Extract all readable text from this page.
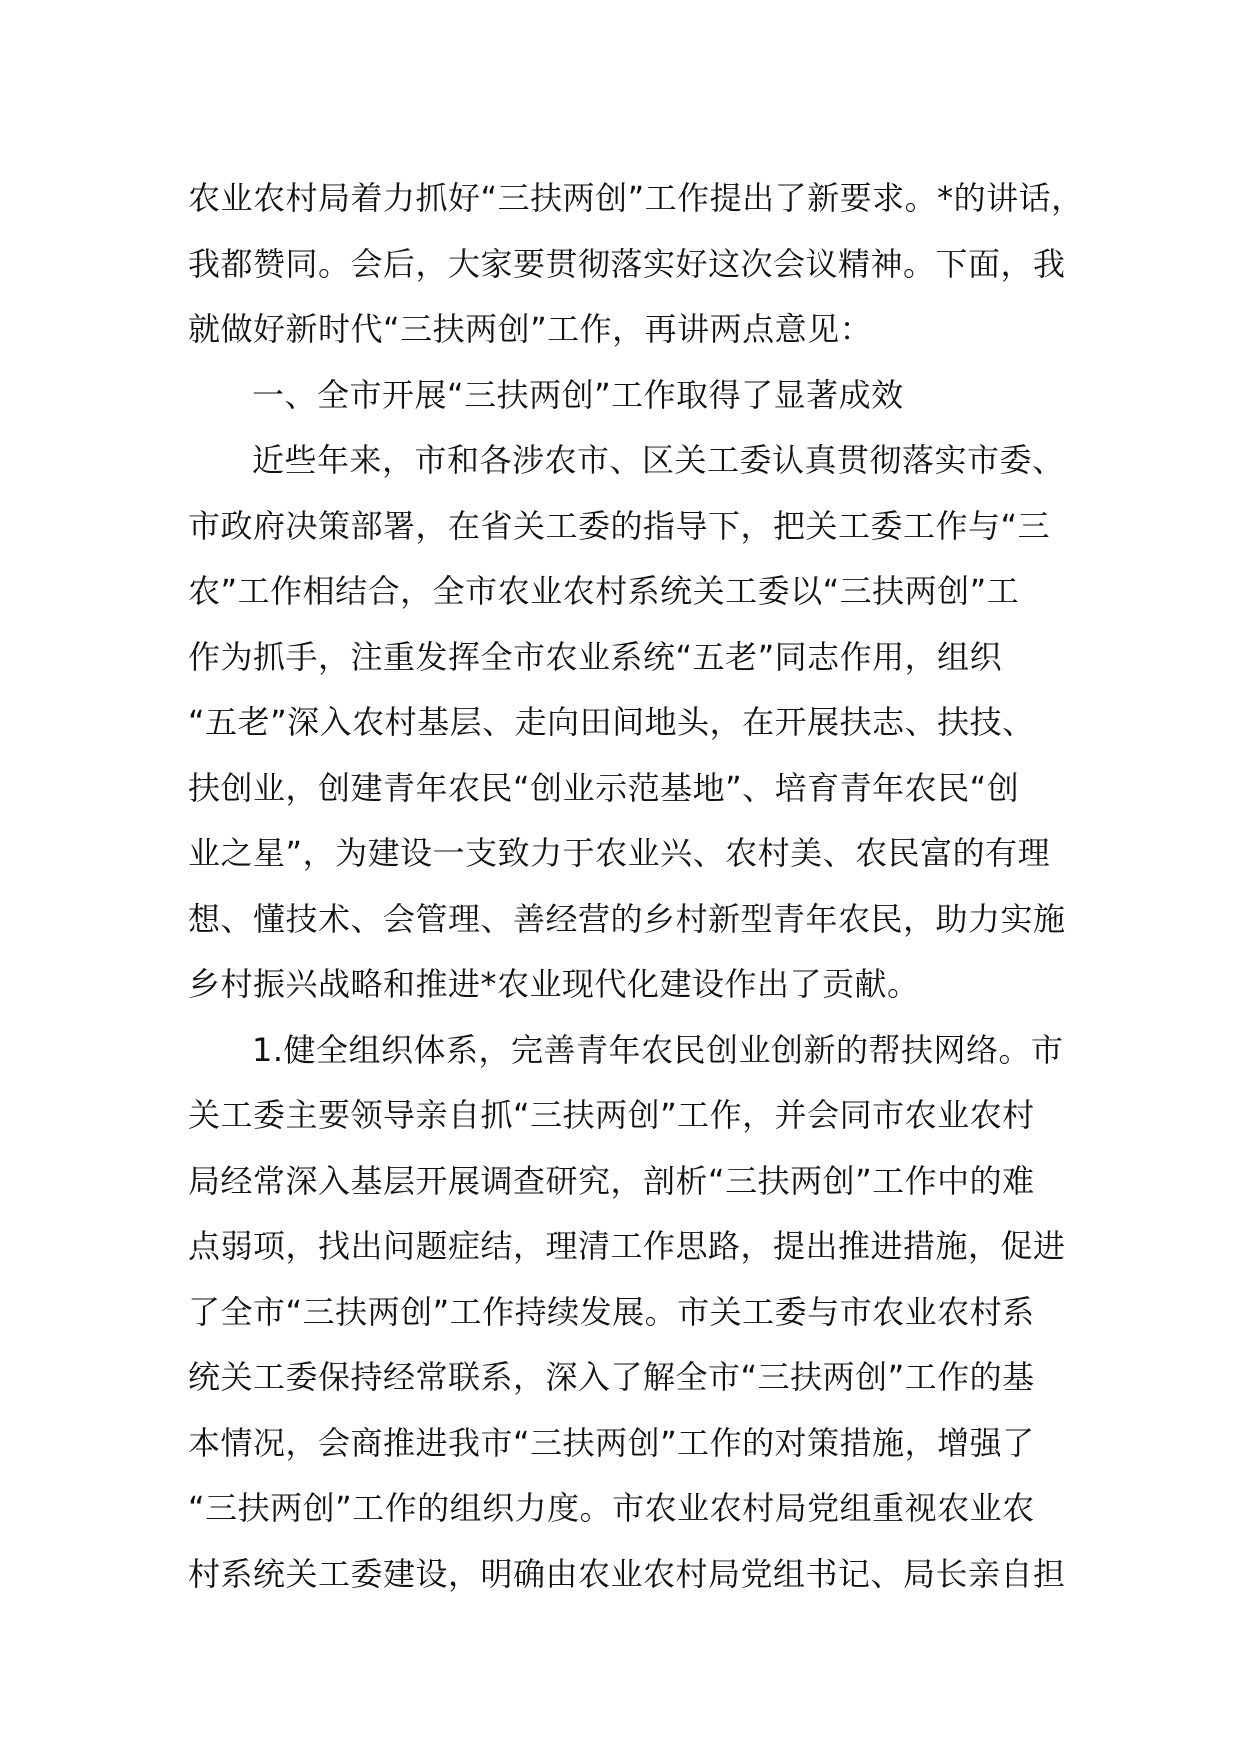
农业农村局着力抓好“三扶两创”工作提出了新要求。*的讲话，
我都赞同。会后，大家要贯彻落实好这次会议精神。下面，我
就做好新时代“三扶两创”工作，再讲两点意见：
一、全市开展“三扶两创”工作取得了显著成效
近些年来，市和各涉农市、区关工委认真贯彻落实市委、
市政府决策部署，在省关工委的指导下，把关工委工作与“三
农”工作相结合，全市农业农村系统关工委以“三扶两创”工
作为抓手，注重发挥全市农业系统“五老”同志作用，组织
“五老”深入农村基层、走向田间地头，在开展扶志、扶技、
扶创业，创建青年农民“创业示范基地”、培育青年农民“创
业之星”，为建设一支致力于农业兴、农村美、农民富的有理
想、懂技术、会管理、善经营的乡村新型青年农民，助力实施
乡村振兴战略和推进*农业现代化建设作出了贡献。
1.健全组织体系，完善青年农民创业创新的帮扶网络。市
关工委主要领导亲自抓“三扶两创”工作，并会同市农业农村
局经常深入基层开展调查研究，剖析“三扶两创”工作中的难
点弱项，找出问题症结，理清工作思路，提出推进措施，促进
了全市“三扶两创”工作持续发展。市关工委与市农业农村系
统关工委保持经常联系，深入了解全市“三扶两创”工作的基
本情况，会商推进我市“三扶两创”工作的对策措施，增强了
“三扶两创”工作的组织力度。市农业农村局党组重视农业农
村系统关工委建设，明确由农业农村局党组书记、局长亲自担
